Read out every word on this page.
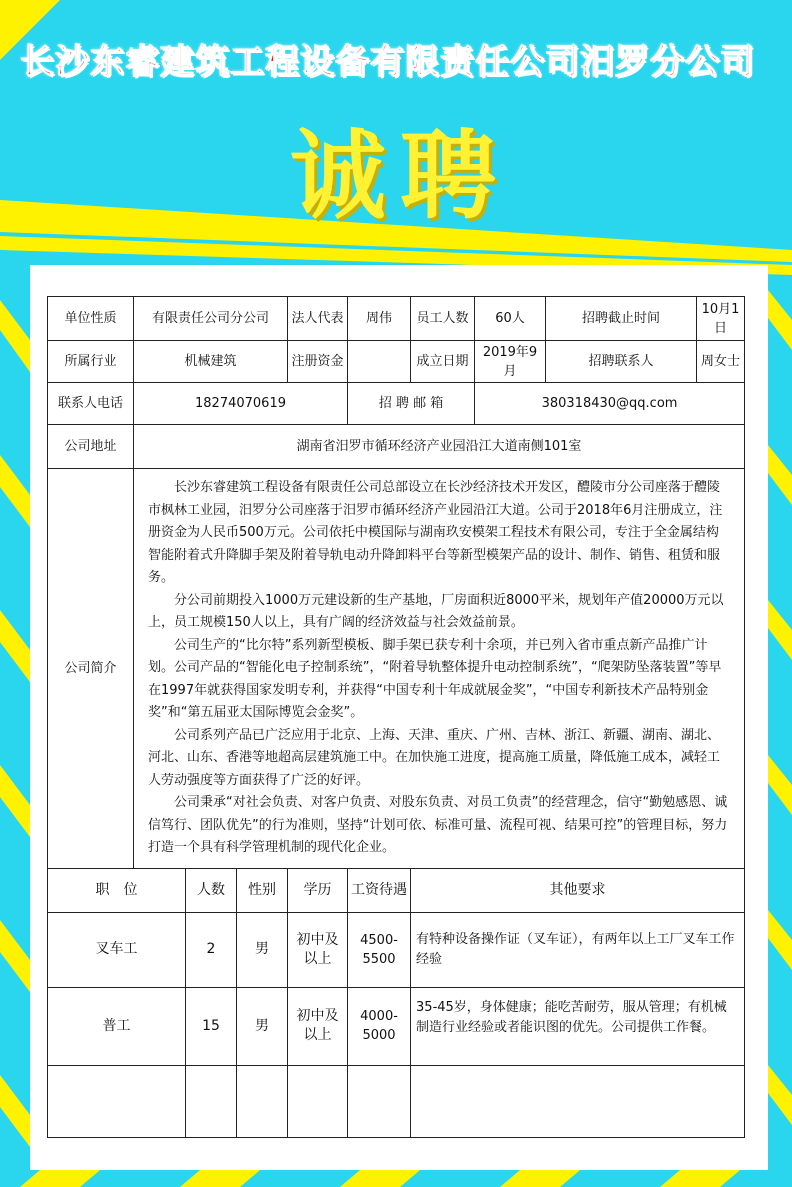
长沙东睿建筑工程设备有限责任公司汨罗分公司
诚聘
单位性质	有限责任公司分公司			法人代表	周伟	员工人数	60人	招聘截止时间	10月1日
所属行业	机械建筑			注册资金		成立日期	2019年9月	招聘联系人	周女士
联系人电话	18274070619				招 聘 邮 箱		380318430@qq.com		
公司地址	湖南省汨罗市循环经济产业园沿江大道南侧101室								
公司简介	长沙东睿建筑工程设备有限责任公司总部设立在长沙经济技术开发区，醴陵市分公司座落于醴陵市枫林工业园，汨罗分公司座落于汨罗市循环经济产业园沿江大道。公司于2018年6月注册成立，注册资金为人民币500万元。公司依托中模国际与湖南玖安模架工程技术有限公司，专注于全金属结构智能附着式升降脚手架及附着导轨电动升降卸料平台等新型模架产品的设计、制作、销售、租赁和服务。

分公司前期投入1000万元建设新的生产基地，厂房面积近8000平米，规划年产值20000万元以上，员工规模150人以上，具有广阔的经济效益与社会效益前景。

公司生产的“比尔特”系列新型模板、脚手架已获专利十余项，并已列入省市重点新产品推广计划。公司产品的“智能化电子控制系统”，“附着导轨整体提升电动控制系统”，“爬架防坠落装置”等早在1997年就获得国家发明专利，并获得“中国专利十年成就展金奖”，“中国专利新技术产品特别金奖”和“第五届亚太国际博览会金奖”。

公司系列产品已广泛应用于北京、上海、天津、重庆、广州、吉林、浙江、新疆、湖南、湖北、河北、山东、香港等地超高层建筑施工中。在加快施工进度，提高施工质量，降低施工成本，减轻工人劳动强度等方面获得了广泛的好评。

公司秉承“对社会负责、对客户负责、对股东负责、对员工负责”的经营理念，信守“勤勉感恩、诚信笃行、团队优先”的行为准则，坚持“计划可依、标准可量、流程可视、结果可控”的管理目标，努力打造一个具有科学管理机制的现代化企业。								

职　位		人数	性别	学历	工资待遇	其他要求			
叉车工		2	男	初中及以上	4500-5500	有特种设备操作证（叉车证），有两年以上工厂叉车工作经验			
普工		15	男	初中及以上	4000-5000	35-45岁，身体健康；能吃苦耐劳，服从管理；有机械制造行业经验或者能识图的优先。公司提供工作餐。			
